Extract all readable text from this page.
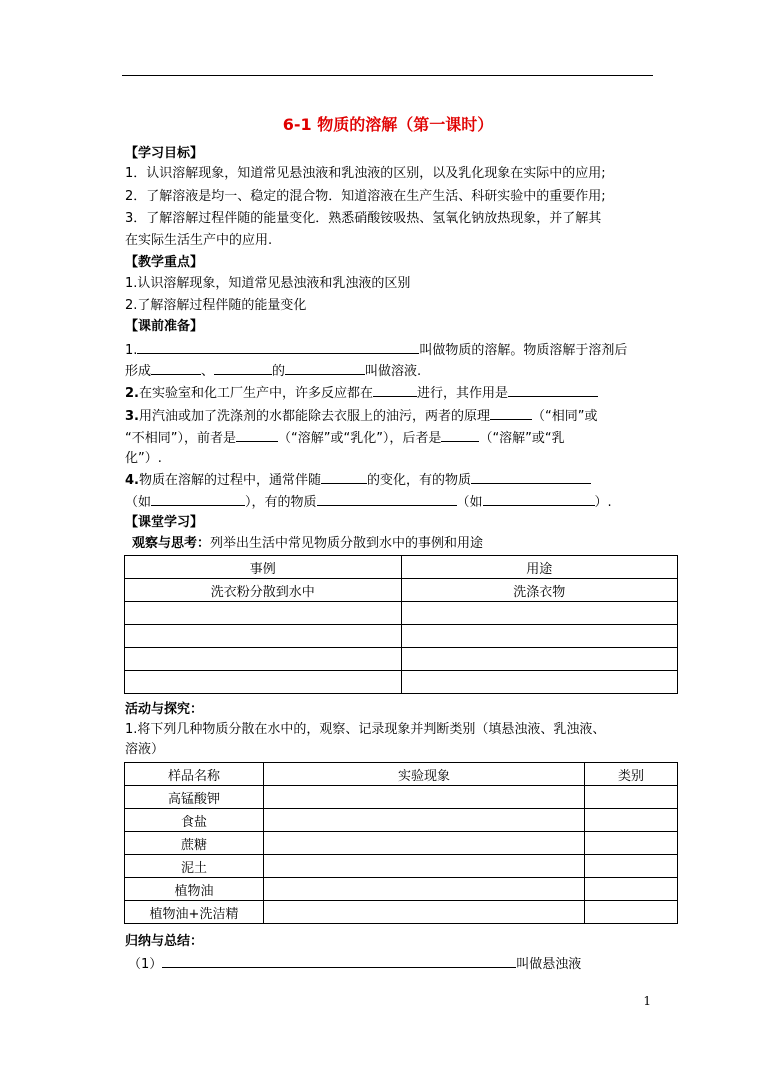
6-1 物质的溶解（第一课时）
【学习目标】
1．认识溶解现象，知道常见悬浊液和乳浊液的区别，以及乳化现象在实际中的应用;
2．了解溶液是均一、稳定的混合物．知道溶液在生产生活、科研实验中的重要作用;
3．了解溶解过程伴随的能量变化．熟悉硝酸铵吸热、氢氧化钠放热现象，并了解其
在实际生活生产中的应用.
【教学重点】
1.认识溶解现象，知道常见悬浊液和乳浊液的区别
2.了解溶解过程伴随的能量变化
【课前准备】
1.	叫做物质的溶解。物质溶解于溶剂后
形成	、	的	叫做溶液.
2.在实验室和化工厂生产中，许多反应都在	进行，其作用是
3.用汽油或加了洗涤剂的水都能除去衣服上的油污，两者的原理	（“相同”或
“不相同”），前者是	（“溶解”或“乳化”），后者是	（“溶解”或“乳
化”）.
4.物质在溶解的过程中，通常伴随	的变化，有的物质
（如	），有的物质	（如	）.
【课堂学习】
观察与思考：列举出生活中常见物质分散到水中的事例和用途
事例	用途
洗衣粉分散到水中	洗涤衣物

活动与探究：
1.将下列几种物质分散在水中的，观察、记录现象并判断类别（填悬浊液、乳浊液、
溶液）
样品名称	实验现象	类别
高锰酸钾		
食盐		
蔗糖		
泥土		
植物油		
植物油+洗洁精		
归纳与总结：
（1）	叫做悬浊液
1
